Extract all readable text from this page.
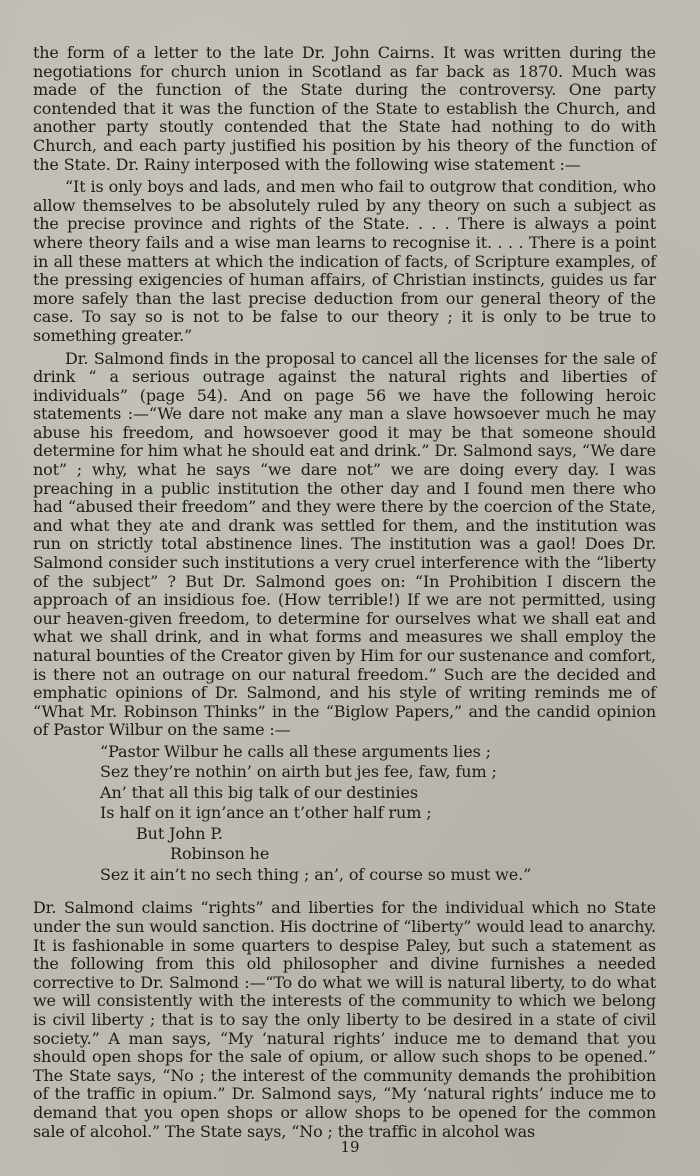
the form of a letter to the late Dr. John Cairns. It was written during the negotiations for church union in Scotland as far back as 1870. Much was made of the function of the State during the controversy. One party contended that it was the function of the State to establish the Church, and another party stoutly contended that the State had nothing to do with Church, and each party justified his position by his theory of the function of the State. Dr. Rainy interposed with the following wise statement :—

“It is only boys and lads, and men who fail to outgrow that condition, who allow themselves to be absolutely ruled by any theory on such a subject as the precise province and rights of the State. . . . There is always a point where theory fails and a wise man learns to recognise it. . . . There is a point in all these matters at which the indication of facts, of Scripture examples, of the pressing exigencies of human affairs, of Christian instincts, guides us far more safely than the last precise deduction from our general theory of the case. To say so is not to be false to our theory ; it is only to be true to something greater.”

Dr. Salmond finds in the proposal to cancel all the licenses for the sale of drink “ a serious outrage against the natural rights and liberties of individuals” (page 54). And on page 56 we have the following heroic statements :—“We dare not make any man a slave howsoever much he may abuse his freedom, and howsoever good it may be that someone should determine for him what he should eat and drink.” Dr. Salmond says, “We dare not” ; why, what he says “we dare not” we are doing every day. I was preaching in a public institution the other day and I found men there who had “abused their freedom” and they were there by the coercion of the State, and what they ate and drank was settled for them, and the institution was run on strictly total abstinence lines. The institution was a gaol! Does Dr. Salmond consider such institutions a very cruel interference with the “liberty of the subject” ? But Dr. Salmond goes on: “In Prohibition I discern the approach of an insidious foe. (How terrible!) If we are not permitted, using our heaven-given freedom, to determine for ourselves what we shall eat and what we shall drink, and in what forms and measures we shall employ the natural bounties of the Creator given by Him for our sustenance and comfort, is there not an outrage on our natural freedom.” Such are the decided and emphatic opinions of Dr. Salmond, and his style of writing reminds me of “What Mr. Robinson Thinks” in the “Biglow Papers,” and the candid opinion of Pastor Wilbur on the same :—

“Pastor Wilbur he calls all these arguments lies ;
Sez they’re nothin’ on airth but jes fee, faw, fum ;
An’ that all this big talk of our destinies
Is half on it ign’ance an t’other half rum ;
But John P.
Robinson he
Sez it ain’t no sech thing ; an’, of course so must we.”

Dr. Salmond claims “rights” and liberties for the individual which no State under the sun would sanction. His doctrine of “liberty” would lead to anarchy. It is fashionable in some quarters to despise Paley, but such a statement as the following from this old philosopher and divine furnishes a needed corrective to Dr. Salmond :—“To do what we will is natural liberty, to do what we will consistently with the interests of the community to which we belong is civil liberty ; that is to say the only liberty to be desired in a state of civil society.” A man says, “My ‘natural rights’ induce me to demand that you should open shops for the sale of opium, or allow such shops to be opened.” The State says, “No ; the interest of the community demands the prohibition of the traffic in opium.” Dr. Salmond says, “My ‘natural rights’ induce me to demand that you open shops or allow shops to be opened for the common sale of alcohol.” The State says, “No ; the traffic in alcohol was

19
